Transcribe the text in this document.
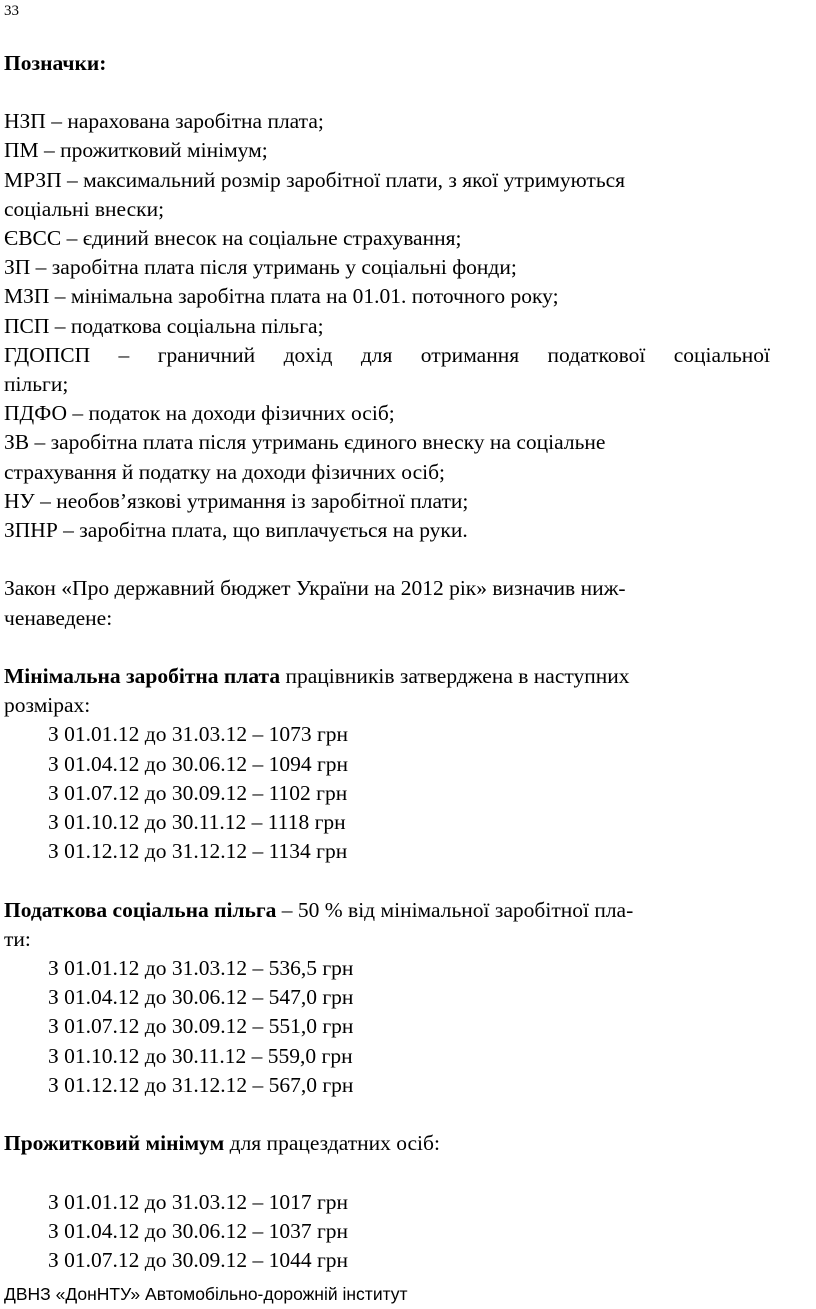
33
Позначки:
НЗП – нарахована заробітна плата;
ПМ – прожитковий мінімум;
МРЗП – максимальний розмір заробітної плати, з якої утримуються
соціальні внески;
ЄВСС – єдиний внесок на соціальне страхування;
ЗП – заробітна плата після утримань у соціальні фонди;
МЗП – мінімальна заробітна плата на 01.01. поточного року;
ПСП – податкова соціальна пільга;
ГДОПСП – граничний дохід для отримання податкової соціальної
пільги;
ПДФО – податок на доходи фізичних осіб;
ЗВ – заробітна плата після утримань єдиного внеску на соціальне
страхування й податку на доходи фізичних осіб;
НУ – необов’язкові утримання із заробітної плати;
ЗПНР – заробітна плата, що виплачується на руки.
Закон «Про державний бюджет України на 2012 рік» визначив ниж-
ченаведене:
Мінімальна заробітна плата працівників затверджена в наступних
розмірах:
З 01.01.12 до 31.03.12 – 1073 грн
З 01.04.12 до 30.06.12 – 1094 грн
З 01.07.12 до 30.09.12 – 1102 грн
З 01.10.12 до 30.11.12 – 1118 грн
З 01.12.12 до 31.12.12 – 1134 грн
Податкова соціальна пільга – 50 % від мінімальної заробітної пла-
ти:
З 01.01.12 до 31.03.12 – 536,5 грн
З 01.04.12 до 30.06.12 – 547,0 грн
З 01.07.12 до 30.09.12 – 551,0 грн
З 01.10.12 до 30.11.12 – 559,0 грн
З 01.12.12 до 31.12.12 – 567,0 грн
Прожитковий мінімум для працездатних осіб:
З 01.01.12 до 31.03.12 – 1017 грн
З 01.04.12 до 30.06.12 – 1037 грн
З 01.07.12 до 30.09.12 – 1044 грн
ДВНЗ «ДонНТУ» Автомобільно-дорожній інститут
